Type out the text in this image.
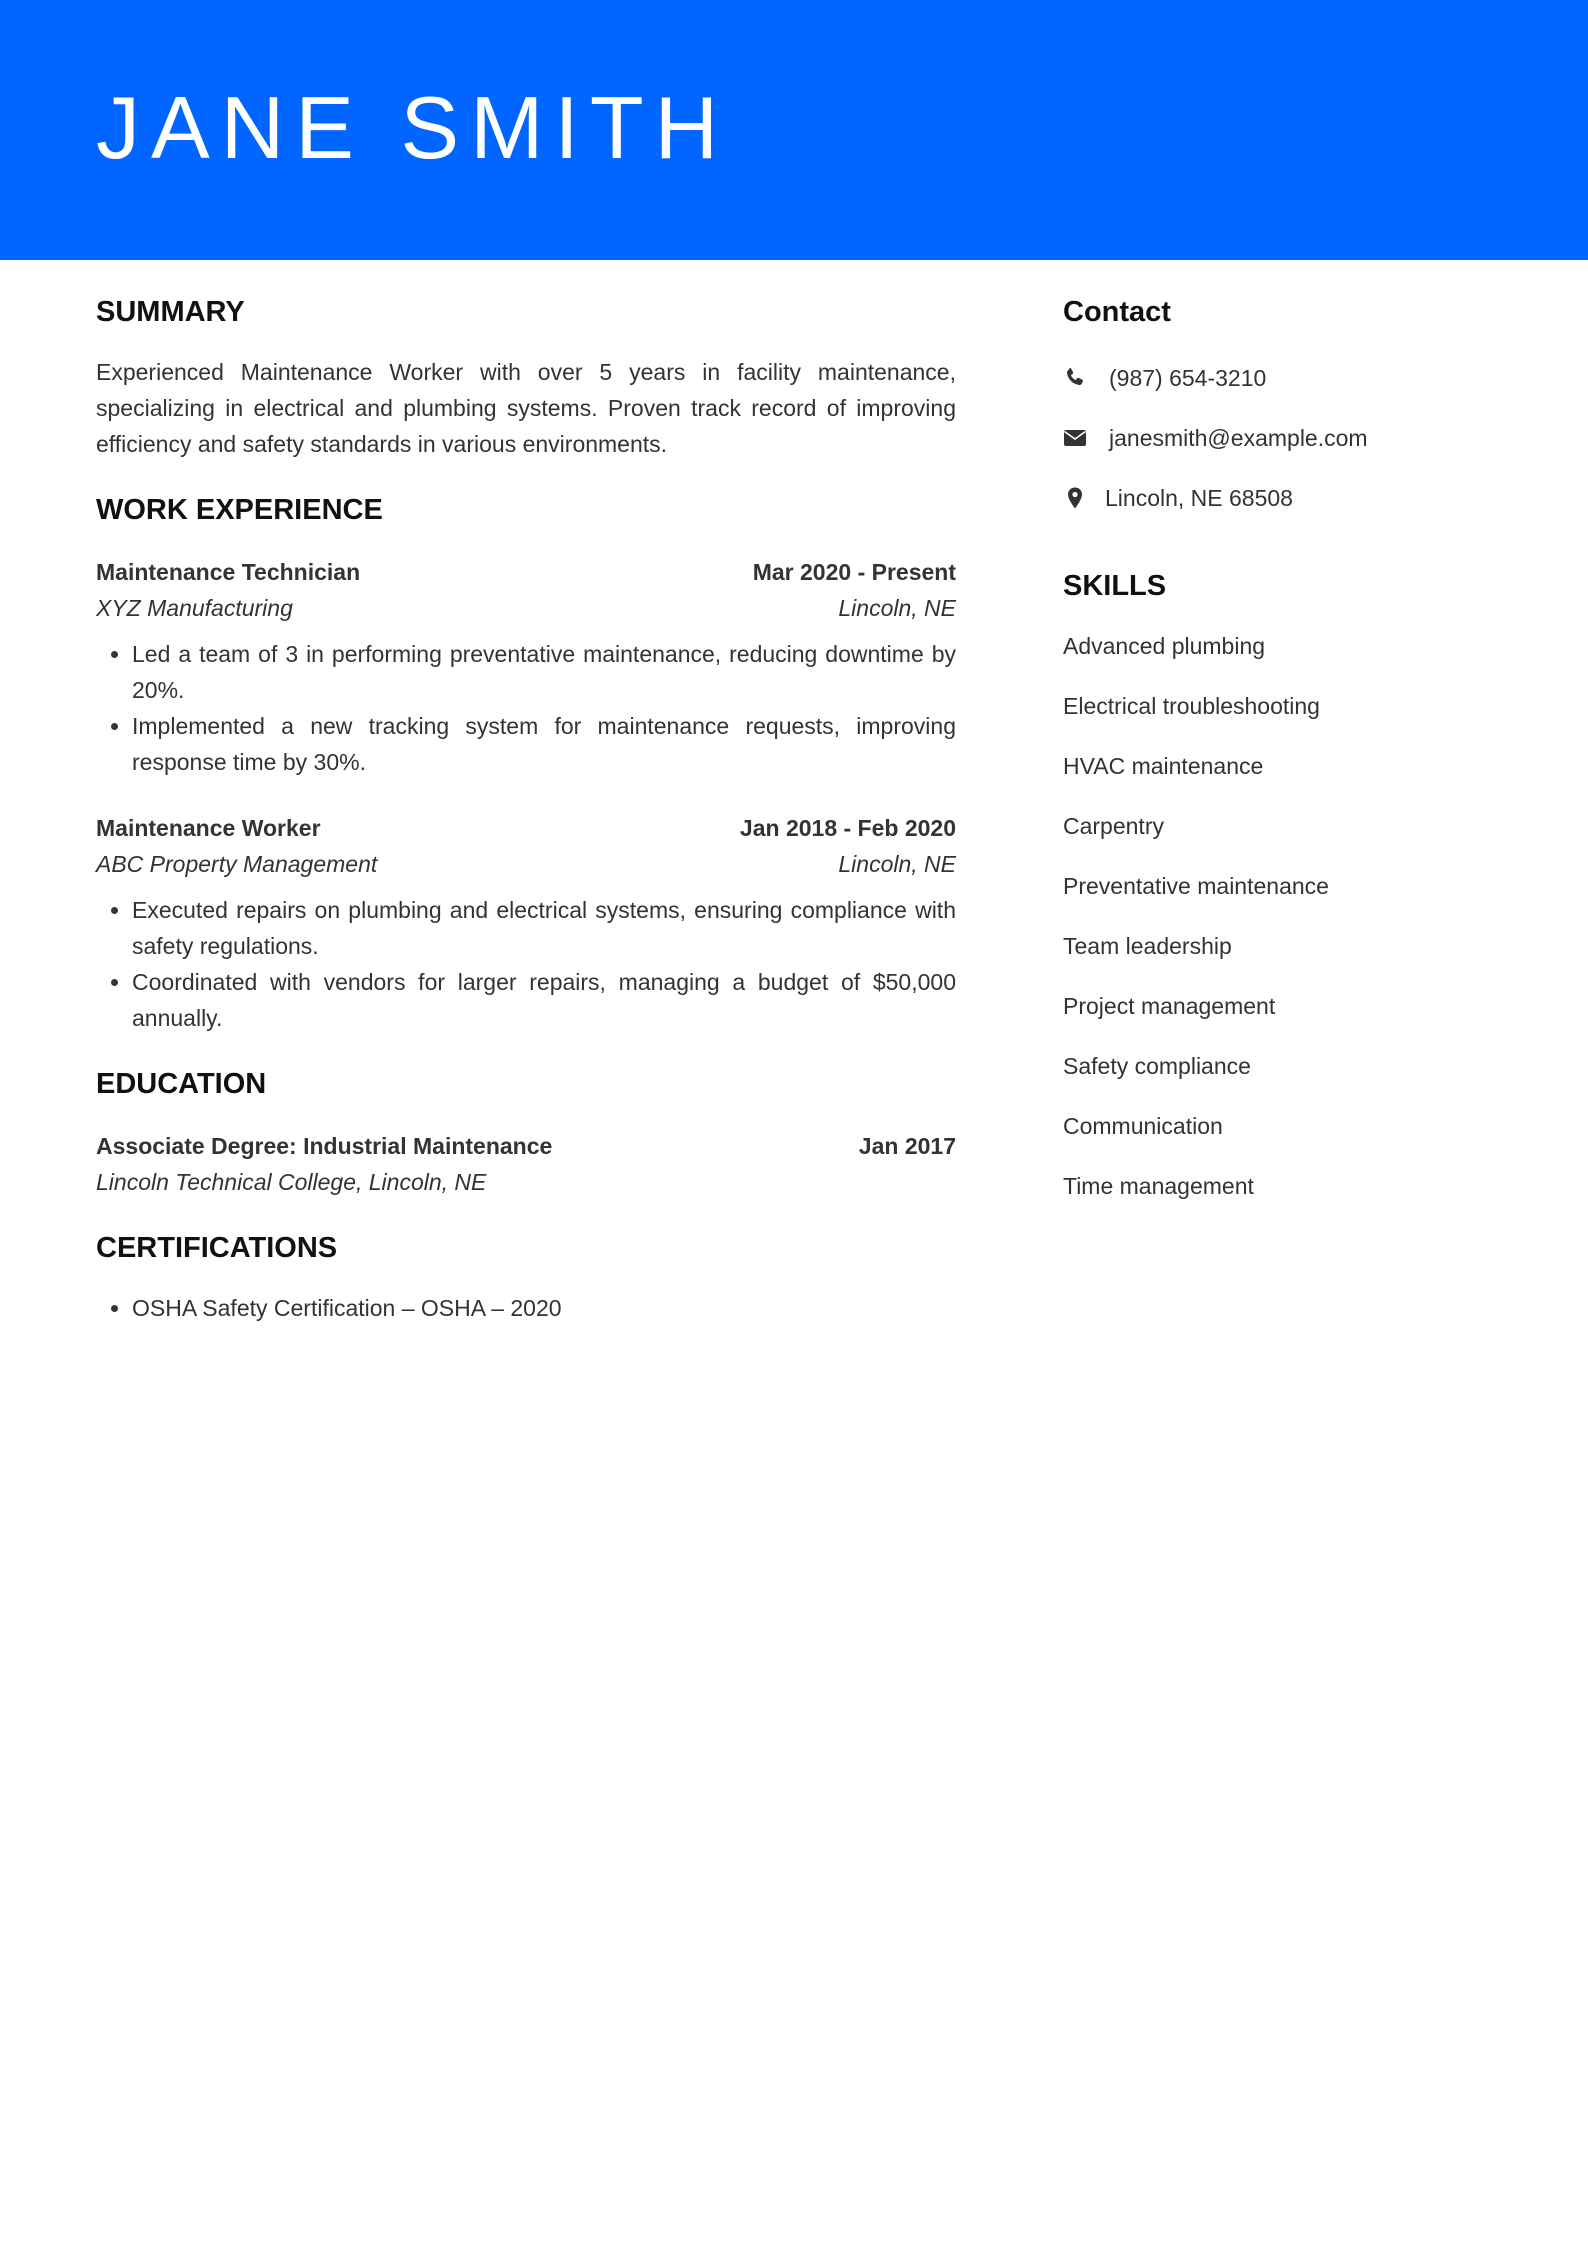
JANE SMITH
SUMMARY

Experienced Maintenance Worker with over 5 years in facility maintenance, specializing in electrical and plumbing systems. Proven track record of improving efficiency and safety standards in various environments.

WORK EXPERIENCE
Maintenance Technician	Mar 2020 - Present
XYZ Manufacturing	Lincoln, NE
• Led a team of 3 in performing preventative maintenance, reducing downtime by 20%.
• Implemented a new tracking system for maintenance requests, improving response time by 30%.
Maintenance Worker	Jan 2018 - Feb 2020
ABC Property Management	Lincoln, NE
• Executed repairs on plumbing and electrical systems, ensuring compliance with safety regulations.
• Coordinated with vendors for larger repairs, managing a budget of $50,000 annually.
EDUCATION
Associate Degree: Industrial Maintenance	Jan 2017
Lincoln Technical College, Lincoln, NE
CERTIFICATIONS
• OSHA Safety Certification – OSHA – 2020
Contact
(987) 654-3210
janesmith@example.com
Lincoln, NE 68508
SKILLS
Advanced plumbing
Electrical troubleshooting
HVAC maintenance
Carpentry
Preventative maintenance
Team leadership
Project management
Safety compliance
Communication
Time management
